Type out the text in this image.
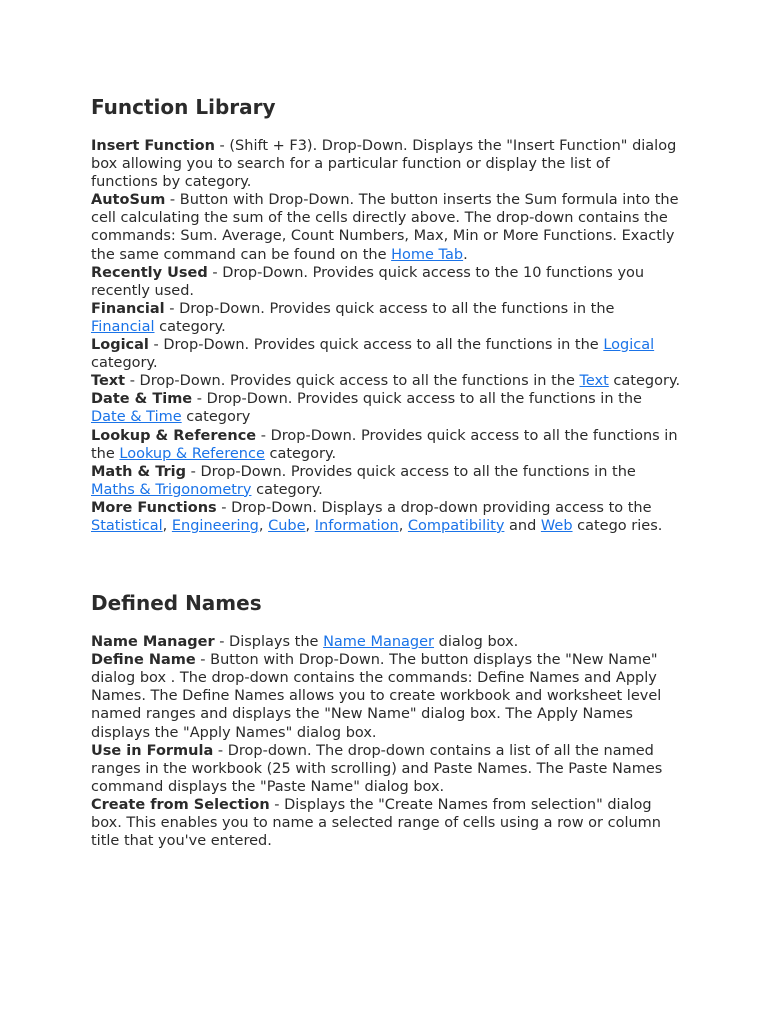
Function Library

Insert Function - (Shift + F3). Drop-Down. Displays the "Insert Function" dialog box allowing you to search for a particular function or display the list of functions by category.

AutoSum - Button with Drop-Down. The button inserts the Sum formula into the cell calculating the sum of the cells directly above. The drop-down contains the commands: Sum. Average, Count Numbers, Max, Min or More Functions. Exactly the same command can be found on the Home Tab.

Recently Used - Drop-Down. Provides quick access to the 10 functions you recently used.

Financial - Drop-Down. Provides quick access to all the functions in the Financial category.

Logical - Drop-Down. Provides quick access to all the functions in the Logical category.

Text - Drop-Down. Provides quick access to all the functions in the Text category.

Date & Time - Drop-Down. Provides quick access to all the functions in the Date & Time category

Lookup & Reference - Drop-Down. Provides quick access to all the functions in the Lookup & Reference category.

Math & Trig - Drop-Down. Provides quick access to all the functions in the Maths & Trigonometry category.

More Functions - Drop-Down. Displays a drop-down providing access to the Statistical, Engineering, Cube, Information, Compatibility and Web catego ries.

Defined Names

Name Manager - Displays the Name Manager dialog box.

Define Name - Button with Drop-Down. The button displays the "New Name" dialog box . The drop-down contains the commands: Define Names and Apply Names. The Define Names allows you to create workbook and worksheet level named ranges and displays the "New Name" dialog box. The Apply Names displays the "Apply Names" dialog box.

Use in Formula - Drop-down. The drop-down contains a list of all the named ranges in the workbook (25 with scrolling) and Paste Names. The Paste Names command displays the "Paste Name" dialog box.

Create from Selection - Displays the "Create Names from selection" dialog box. This enables you to name a selected range of cells using a row or column title that you've entered.
